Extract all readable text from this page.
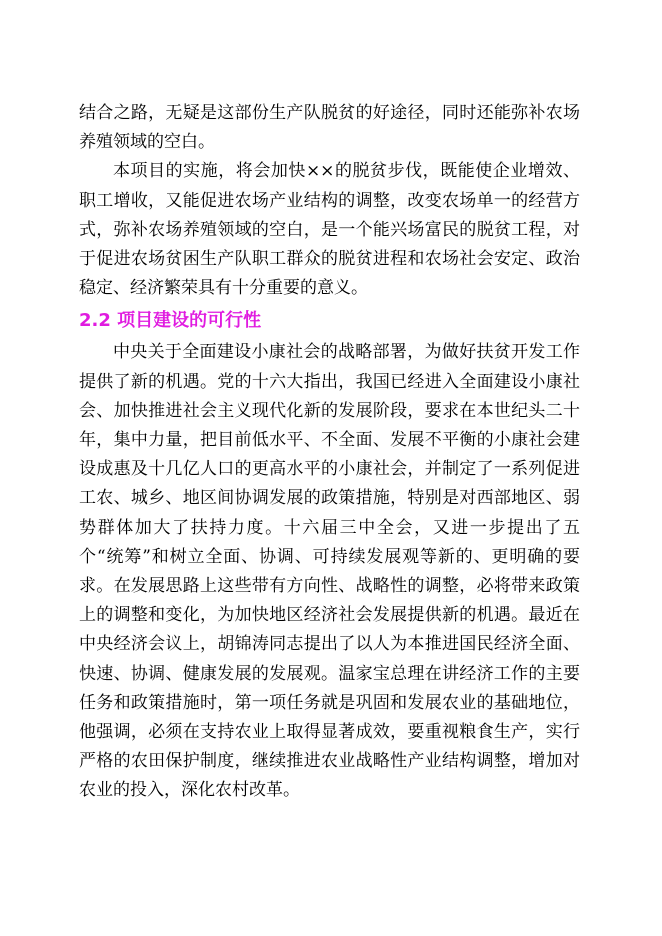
结合之路，无疑是这部份生产队脱贫的好途径，同时还能弥补农场养殖领域的空白。

本项目的实施，将会加快××的脱贫步伐，既能使企业增效、职工增收，又能促进农场产业结构的调整，改变农场单一的经营方式，弥补农场养殖领域的空白，是一个能兴场富民的脱贫工程，对于促进农场贫困生产队职工群众的脱贫进程和农场社会安定、政治稳定、经济繁荣具有十分重要的意义。

2.2 项目建设的可行性

中央关于全面建设小康社会的战略部署，为做好扶贫开发工作提供了新的机遇。党的十六大指出，我国已经进入全面建设小康社会、加快推进社会主义现代化新的发展阶段，要求在本世纪头二十年，集中力量，把目前低水平、不全面、发展不平衡的小康社会建设成惠及十几亿人口的更高水平的小康社会，并制定了一系列促进工农、城乡、地区间协调发展的政策措施，特别是对西部地区、弱势群体加大了扶持力度。十六届三中全会，又进一步提出了五个“统筹”和树立全面、协调、可持续发展观等新的、更明确的要求。在发展思路上这些带有方向性、战略性的调整，必将带来政策上的调整和变化，为加快地区经济社会发展提供新的机遇。最近在中央经济会议上，胡锦涛同志提出了以人为本推进国民经济全面、快速、协调、健康发展的发展观。温家宝总理在讲经济工作的主要任务和政策措施时，第一项任务就是巩固和发展农业的基础地位，他强调，必须在支持农业上取得显著成效，要重视粮食生产，实行严格的农田保护制度，继续推进农业战略性产业结构调整，增加对农业的投入，深化农村改革。
